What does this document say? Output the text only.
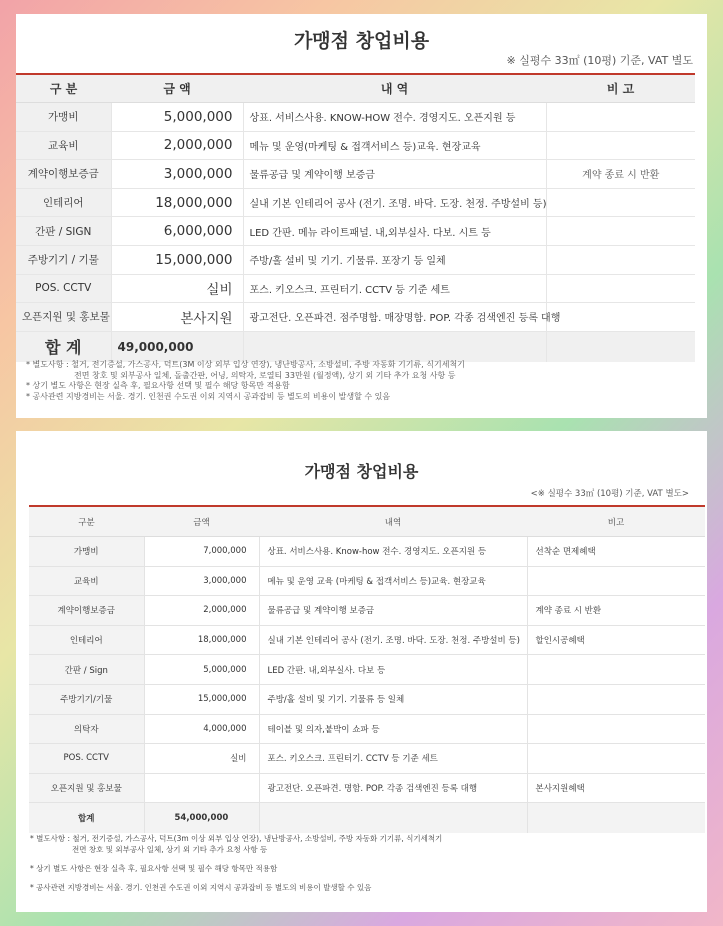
가맹점 창업비용
※ 실평수 33㎡ (10평) 기준, VAT 별도
구 분	금 액	내 역	비 고
가맹비	5,000,000	상표. 서비스사용. KNOW-HOW 전수. 경영지도. 오픈지원 등	
교육비	2,000,000	메뉴 및 운영(마케팅 & 접객서비스 등)교육. 현장교육	
계약이행보증금	3,000,000	물류공급 및 계약이행 보증금	계약 종료 시 반환
인테리어	18,000,000	실내 기본 인테리어 공사 (전기. 조명. 바닥. 도장. 천정. 주방설비 등)	
간판 / SIGN	6,000,000	LED 간판. 메뉴 라이트패널. 내,외부실사. 다보. 시트 등	
주방기기 / 기물	15,000,000	주방/홀 설비 및 기기. 기물류. 포장기 등 일체	
POS. CCTV	실비	포스. 키오스크. 프린터기. CCTV 등 기준 세트	
오픈지원 및 홍보물	본사지원	광고전단. 오픈파견. 점주명함. 매장명함. POP. 각종 검색엔진 등록 대행	
합 계	49,000,000		
* 별도사항 : 철거, 전기증설, 가스공사, 덕트(3M 이상 외부 입상 연장), 냉난방공사, 소방설비, 주방 자동화 기기류, 식기세척기
전면 창호 및 외부공사 일체, 돌출간판, 어닝, 의탁자, 로열티 33만원 (월정액), 상기 외 기타 추가 요청 사항 등
* 상기 별도 사항은 현장 실측 후, 필요사항 선택 및 필수 해당 항목만 적용함
* 공사관련 지방경비는 서울. 경기. 인천권 수도권 이외 지역시 공과잡비 등 별도의 비용이 발생할 수 있음
가맹점 창업비용
<※ 실평수 33㎡ (10평) 기준, VAT 별도>
구분	금액	내역	비고
가맹비	7,000,000	상표. 서비스사용. Know-how 전수. 경영지도. 오픈지원 등	선착순 면제혜택
교육비	3,000,000	메뉴 및 운영 교육 (마케팅 & 접객서비스 등)교육. 현장교육	
계약이행보증금	2,000,000	물류공급 및 계약이행 보증금	계약 종료 시 반환
인테리어	18,000,000	실내 기본 인테리어 공사 (전기. 조명. 바닥. 도장. 천정. 주방설비 등)	할인시공혜택
간판 / Sign	5,000,000	LED 간판. 내,외부실사. 다보 등	
주방기기/기물	15,000,000	주방/홀 설비 및 기기. 기물류 등 일체	
의탁자	4,000,000	테이블 및 의자,붙박이 쇼파 등	
POS. CCTV	실비	포스. 키오스크. 프린터기. CCTV 등 기준 세트	
오픈지원 및 홍보물		광고전단. 오픈파견. 명함. POP. 각종 검색엔진 등록 대행	본사지원혜택
합계	54,000,000		
* 별도사항 : 철거, 전기증설, 가스공사, 덕트(3m 이상 외부 입상 연장), 냉난방공사, 소방설비, 주방 자동화 기기류, 식기세척기
전면 창호 및 외부공사 일체, 상기 외 기타 추가 요청 사항 등
* 상기 별도 사항은 현장 실측 후, 필요사항 선택 및 필수 해당 항목만 적용함
* 공사관련 지방경비는 서울. 경기. 인천권 수도권 이외 지역시 공과잡비 등 별도의 비용이 발생할 수 있음
